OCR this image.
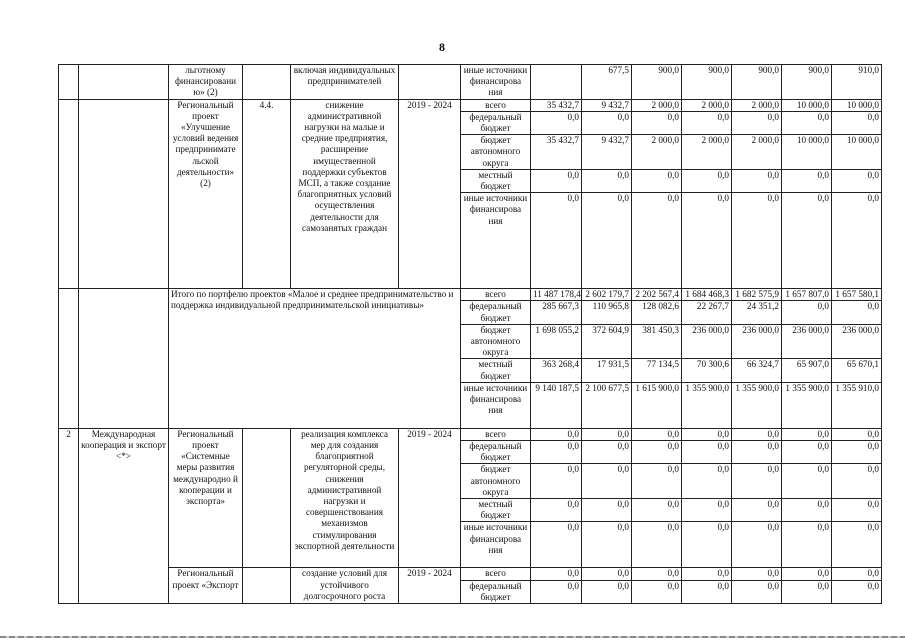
8
		льготному финансировани ю» (2)		включая индивидуальных предпринимателей		иные источники финансирова ния		677,5	900,0	900,0	900,0	900,0	910,0
		Региональный проект «Улучшение условий ведения предпринимате льской деятельности» (2)	4.4.	снижение административной нагрузки на малые и средние предприятия, расширение имущественной поддержки субъектов МСП, а также создание благоприятных условий осуществления деятельности для самозанятых граждан	2019 - 2024	всего	35 432,7	9 432,7	2 000,0	2 000,0	2 000,0	10 000,0	10 000,0
						федеральный бюджет	0,0	0,0	0,0	0,0	0,0	0,0	0,0
						бюджет автономного округа	35 432,7	9 432,7	2 000,0	2 000,0	2 000,0	10 000,0	10 000,0
						местный бюджет	0,0	0,0	0,0	0,0	0,0	0,0	0,0
						иные источники финансирова ния	0,0	0,0	0,0	0,0	0,0	0,0	0,0
		Итого по портфелю проектов «Малое и среднее предпринимательство и поддержка индивидуальной предпринимательской инициативы»				всего	11 487 178,4	2 602 179,7	2 202 567,4	1 684 468,3	1 682 575,9	1 657 807,0	1 657 580,1
						федеральный бюджет	285 667,3	110 965,8	128 082,6	22 267,7	24 351,2	0,0	0,0
						бюджет автономного округа	1 698 055,2	372 604,9	381 450,3	236 000,0	236 000,0	236 000,0	236 000,0
						местный бюджет	363 268,4	17 931,5	77 134,5	70 300,6	66 324,7	65 907,0	65 670,1
						иные источники финансирова ния	9 140 187,5	2 100 677,5	1 615 900,0	1 355 900,0	1 355 900,0	1 355 900,0	1 355 910,0
2	Международная кооперация и экспорт <*>	Региональный проект «Системные меры развития международно й кооперации и экспорта»		реализация комплекса мер для создания благоприятной регуляторной среды, снижения административной нагрузки и совершенствования механизмов стимулирования экспортной деятельности	2019 - 2024	всего	0,0	0,0	0,0	0,0	0,0	0,0	0,0
						федеральный бюджет	0,0	0,0	0,0	0,0	0,0	0,0	0,0
						бюджет автономного округа	0,0	0,0	0,0	0,0	0,0	0,0	0,0
						местный бюджет	0,0	0,0	0,0	0,0	0,0	0,0	0,0
						иные источники финансирова ния	0,0	0,0	0,0	0,0	0,0	0,0	0,0
		Региональный проект «Экспорт		создание условий для устойчивого долгосрочного роста	2019 - 2024	всего	0,0	0,0	0,0	0,0	0,0	0,0	0,0
						федеральный бюджет	0,0	0,0	0,0	0,0	0,0	0,0	0,0
